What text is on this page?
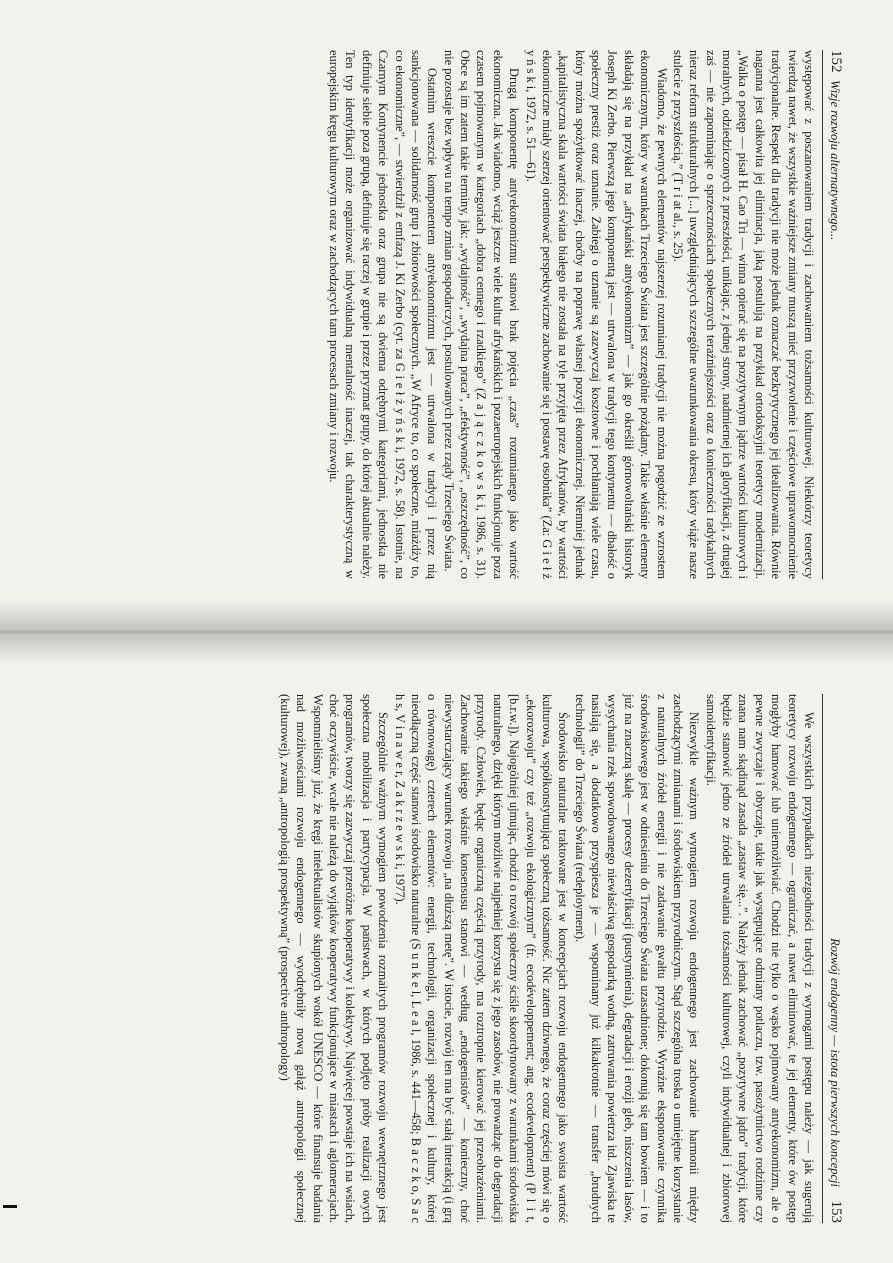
152
Wizje rozwoju alternatywnego...

występować z poszanowaniem tradycji i zachowaniem tożsamości kulturowej. Niektórzy teoretycy twierdzą nawet, że wszystkie ważniejsze zmiany muszą mieć przyzwolenie i częściowe uprawomocnienie tradycjonalne. Respekt dla tradycji nie może jednak oznaczać bezkrytycznego jej idealizowania. Równie naganna jest całkowita jej eliminacja, jaką postulują na przykład ortodoksyjni teoretycy modernizacji. „Walka o postęp — pisał H. Cao Tri — winna opierać się na pozytywnym jądrze wartości kulturowych i moralnych, odziedziczonych z przeszłości, unikając, z jednej strony, nadmiernej ich gloryfikacji, z drugiej zaś — nie zapominając o sprzecznościach społecznych teraźniejszości oraz o konieczności radykalnych nieraz reform strukturalnych [...] uwzględniających szczególne uwarunkowania okresu, który wiąże nasze stulecie z przyszłością.” (T r i at al., s. 25).

Wiadomo, że pewnych elementów najszerzej rozumianej tradycji nie można pogodzić ze wzrostem ekonomicznym, który w warunkach Trzeciego Świata jest szczególnie pożądany. Takie właśnie elementy składają się na przykład na „afrykański antyekonomizm” — jak go określił górnowoltański historyk Joseph Ki Zerbo. Pierwszą jego komponentą jest — utrwalona w tradycji tego kontynentu — dbałość o społeczny prestiż oraz uznanie. Zabiegi o uznanie są zazwyczaj kosztowne i pochłaniają wiele czasu, który można spożytkować inaczej, choćby na poprawę własnej pozycji ekonomicznej. Niemniej jednak „kapitalistyczna skala wartości świata białego nie została na tyle przyjęta przez Afrykanów, by wartości ekonomiczne miały szerzej orientować perspektywiczne zachowanie się i postawę osobnika” (Za: G i e ł ż y ń s k i, 1972, s. 51—61).

Drugą komponentę antyekonomizmu stanowi brak pojęcia „czas” rozumianego jako wartość ekonomiczna. Jak wiadomo, wciąż jeszcze wiele kultur afrykańskich i pozaeuropejskich funkcjonuje poza czasem pojmowanym w kategoriach „dobra cennego i rzadkiego” (Z a j ą c z k o w s k i, 1986, s. 31). Obce są im zatem takie terminy, jak: „wydajność”, „wydajna praca”, „efektywność”, „oszczędność”, co nie pozostaje bez wpływu na tempo zmian gospodarczych, postulowanych przez rządy Trzeciego Świata.

Ostatnim wreszcie komponentem antyekonomizmu jest — utrwalona w tradycji i przez nią sankcjonowana — solidarność grup i zbiorowości społecznych. „W Afryce to, co społeczne, miażdży to, co ekonomiczne”, — stwierdził z emfazą J. Ki Zerbo (cyt. za G i e ł ż y ń s k i, 1972, s. 58). Istotnie, na Czarnym Kontynencie jednostka oraz grupa nie są dwiema odrębnymi kategoriami, jednostka nie definiuje siebie poza grupą, definiuje się raczej w grupie i przez pryzmat grupy, do której aktualnie należy. Ten typ identyfikacji może organizować indywidualną mentalność inaczej, tak charakterystyczną w europejskim kręgu kulturowym oraz w zachodzących tam procesach zmiany i rozwoju.

Rozwój endogenny — istota pierwszych koncepcji
153

We wszystkich przypadkach niezgodności tradycji z wymogami postępu należy — jak sugerują teoretycy rozwoju endogennego — ograniczać, a nawet eliminować, te jej elementy, które ów postęp mogłyby hamować lub uniemożliwiać. Chodzi nie tylko o wąsko pojmowany antyekonomizm, ale o pewne zwyczaje i obyczaje, takie jak występujące odmiany potlaczu, tzw. pasożytnictwo rodzinne czy znana nam skądinąd zasada „zastaw się...”. Należy jednak zachować „pozytywne jądro” tradycji, które będzie stanowić jedno ze źródeł utrwalania tożsamości kulturowej, czyli indywidualnej i zbiorowej samoidentyfikacji.

Niezwykle ważnym wymogiem rozwoju endogennego jest zachowanie harmonii między zachodzącymi zmianami i środowiskiem przyrodniczym. Stąd szczególna troska o umiejętne korzystanie z naturalnych źródeł energii i nie zadawanie gwałtu przyrodzie. Wyraźne eksponowanie czynnika środowiskowego jest w odniesieniu do Trzeciego Świata uzasadnione; dokonują się tam bowiem — i to już na znaczną skalę — procesy dezertyfikacji (pustynnienia), degradacji i erozji gleb, niszczenia lasów, wysychania rzek spowodowanego niewłaściwą gospodarką wodną, zatruwania powietrza itd. Zjawiska te nasilają się, a dodatkowo przyspiesza je — wspominany już kilkakrotnie — transfer „brudnych technologii” do Trzeciego Świata (redeployment).

Środowisko naturalne traktowane jest w koncepcjach rozwoju endogennego jako swoista wartość kulturowa, współkonstytuująca społeczną tożsamość. Nic zatem dziwnego, że coraz częściej mówi się o „ekorozwoju” czy też „rozwoju ekologicznym” (fr. ecodéveloppement; ang. ecodevelopment) (P l i t, [b.r.w.]). Najogólniej ujmując, chodzi o rozwój społeczny ściśle skoordynowany z warunkami środowiska naturalnego, dzięki którym możliwie najpełniej korzysta się z jego zasobów, nie prowadząc do degradacji przyrody. Człowiek, będąc organiczną częścią przyrody, ma roztropnie kierować jej przeobrażeniami. Zachowanie takiego właśnie konsensusu stanowi — według „endogenistów” — konieczny, choć niewystarczający warunek rozwoju „na dłuższą metę”. W istocie, rozwój ten ma być stałą interakcją (i grą o równowagę) czterech elementów: energii, technologii, organizacji społecznej i kultury, której nieodłączną część stanowi środowisko naturalne (S u n k e l, L e a l, 1986, s. 441—458; B a c z k o, S a c h s, V i n a w e r, Z a k r z e w s k i, 1977).

Szczególnie ważnym wymogiem powodzenia rozmaitych programów rozwoju wewnętrznego jest społeczna mobilizacja i partycypacja. W państwach, w których podjęto próby realizacji owych programów, tworzy się zazwyczaj przeróżne kooperatywy i kolektywy. Najwięcej powstaje ich na wsiach, choć oczywiście, wcale nie należą do wyjątków kooperatywy funkcjonujące w miastach i aglomeracjach. Wspomnieliśmy już, że kręgi intelektualistów skupionych wokół UNESCO — które finansuje badania nad możliwościami rozwoju endogennego — wyodrębniły nową gałąź antropologii społecznej (kulturowej), zwaną „antropologią prospektywną” (prospective anthropology)
